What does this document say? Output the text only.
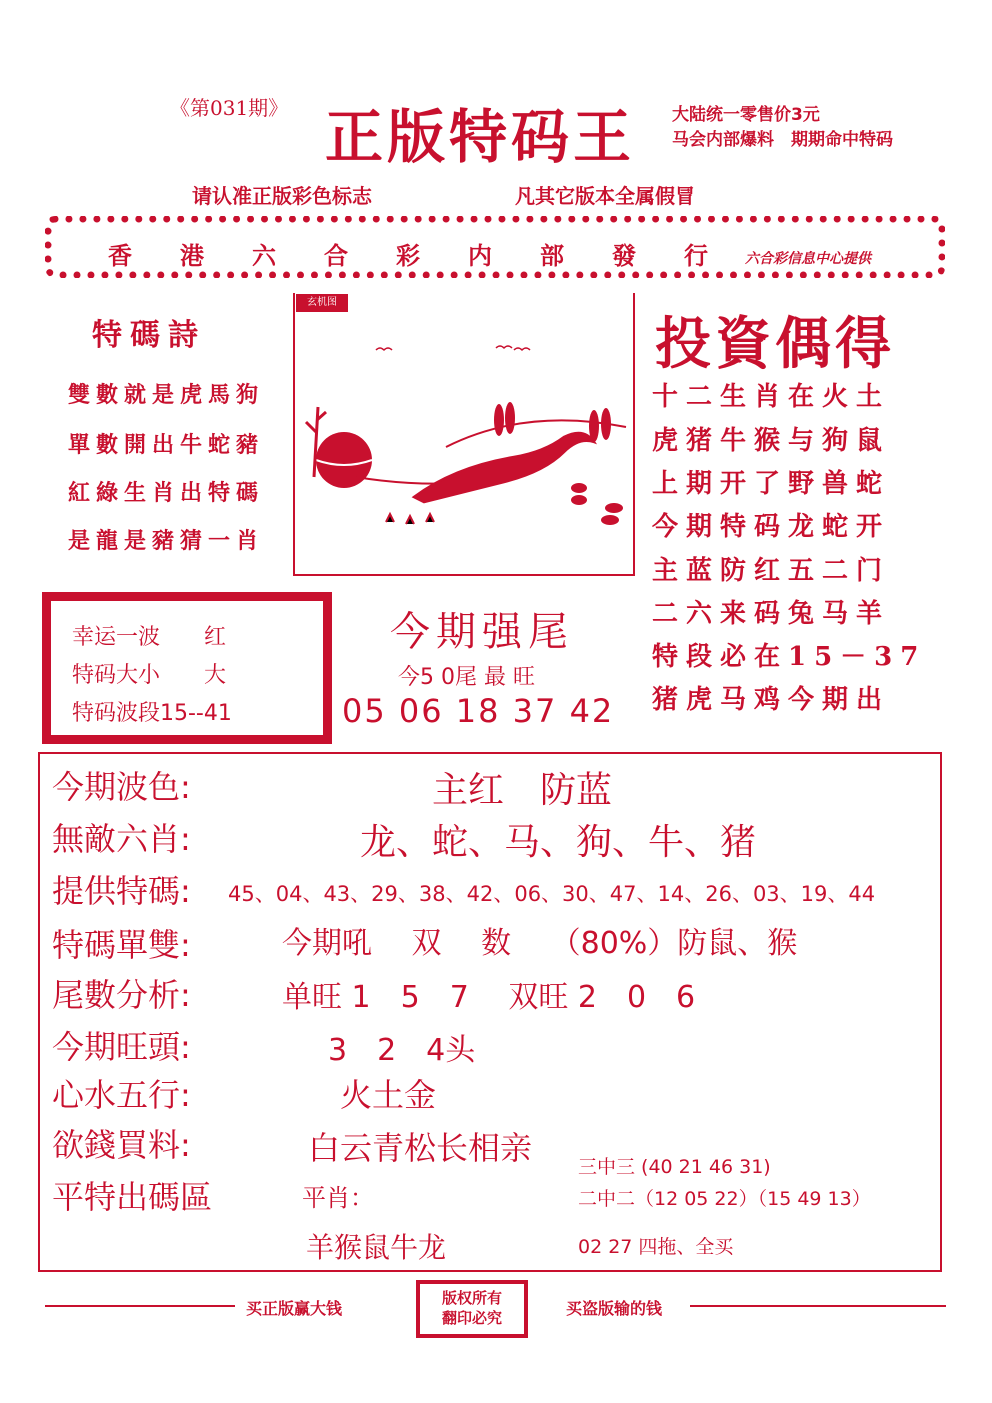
《第031期》 正版特码王 大陆统一零售价3元
马会内部爆料　期期命中特码
请认准正版彩色标志	凡其它版本全属假冒
香港六合彩内部發行
六合彩信息中心提供
特碼詩
雙數就是虎馬狗
單數開出牛蛇豬
紅綠生肖出特碼
是龍是豬猜一肖
玄机图
投資偶得
十二生肖在火土
虎猪牛猴与狗鼠
上期开了野兽蛇
今期特码龙蛇开
主蓝防红五二门
二六来码兔马羊
特段必在15－37
猪虎马鸡今期出
幸运一波　　红
特码大小　　大
特码波段15--41
今期强尾
今5 0尾 最 旺
05 06 18 37 42
今期波色:
無敵六肖:
提供特碼:
特碼單雙:
尾數分析:
今期旺頭:
心水五行:
欲錢買料:
平特出碼區
主红　防蓝
龙、蛇、马、狗、牛、猪
45、04、43、29、38、42、06、30、47、14、26、03、19、44
今期吼　 双　 数　 （80%）防鼠、猴
单旺 1　5　7　 双旺 2　0　6
3　2　4头
火土金
白云青松长相亲
平肖：
羊猴鼠牛龙
三中三 (40 21 46 31)
二中二（12 05 22）（15 49 13）
02 27 四拖、全买
买正版赢大钱
版权所有
翻印必究	买盗版输的钱
